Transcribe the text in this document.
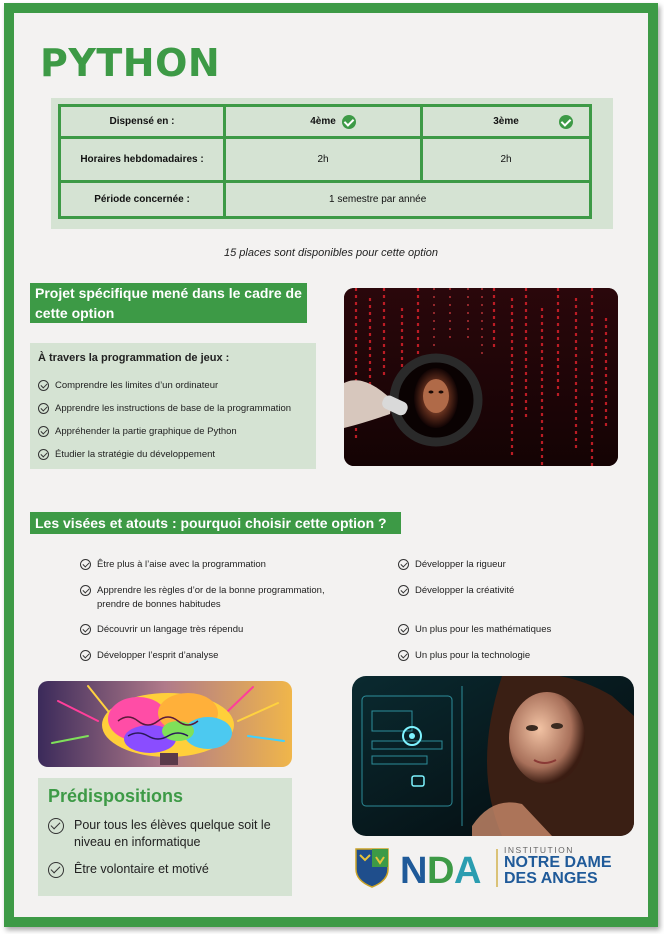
PYTHON
Dispensé en :	4ème	3ème

Horaires hebdomadaires :	2h	2h
Période concernée :	1 semestre par année	
15 places sont disponibles pour cette option
Projet spécifique mené dans le cadre de
cette option
À travers la programmation de jeux :
Comprendre les limites d’un ordinateur
Apprendre les instructions de base de la programmation
Appréhender la partie graphique de Python
Étudier la stratégie du développement
Les visées et atouts : pourquoi choisir cette option ?
Être plus à l’aise avec la programmation
Apprendre les règles d’or de la bonne programmation,
prendre de bonnes habitudes
Découvrir un langage très répendu
Développer l’esprit d’analyse
Développer la rigueur
Développer la créativité
Un plus pour les mathématiques
Un plus pour la technologie
Prédispositions
Pour tous les élèves quelque soit le
niveau en informatique
Être volontaire et motivé	N D A	INSTITUTION
NOTRE DAME
DES ANGES
